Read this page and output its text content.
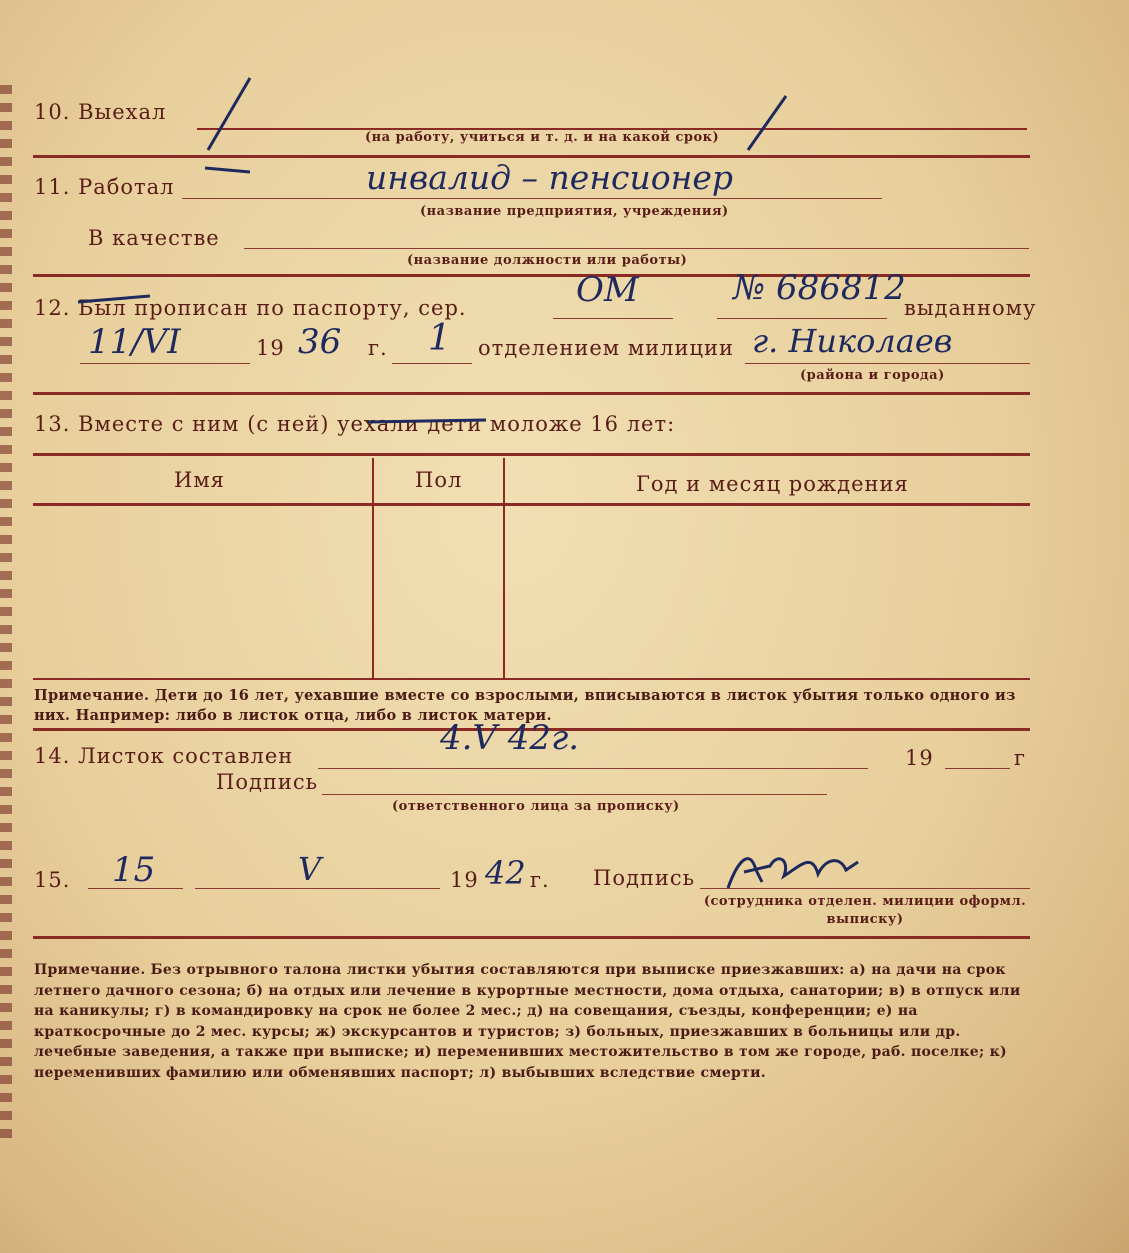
10. Выехал
(на работу, учиться и т. д. и на какой срок)
11. Работал	инвалид – пенсионер
(название предприятия, учреждения)
В качестве
(название должности или работы)
12. Был прописан по паспорту, сер.	выданному
ОМ	№ 686812
11/VI	19 36 г. 1 отделением милиции г. Николаев
(района и города)
13. Вместе с ним (с ней) уехали дети моложе 16 лет:
Имя	Пол	Год и месяц рождения
Примечание. Дети до 16 лет, уехавшие вместе со взрослыми, вписываются в листок убытия только одного из них. Например: либо в листок отца, либо в листок матери.
14. Листок составлен	4.V 42г.	19	г
Подпись
(ответственного лица за прописку)
15. 15	V	19 42 г. Подпись
(сотрудника отделен. милиции оформл. выписку)
Примечание. Без отрывного талона листки убытия составляются при выписке приезжавших: а) на дачи на срок летнего дачного сезона; б) на отдых или лечение в курортные местности, дома отдыха, санатории; в) в отпуск или на каникулы; г) в командировку на срок не более 2 мес.; д) на совещания, съезды, конференции; е) на краткосрочные до 2 мес. курсы; ж) экскурсантов и туристов; з) больных, приезжавших в больницы или др. лечебные заведения, а также при выписке; и) переменивших местожительство в том же городе, раб. поселке; к) переменивших фамилию или обменявших паспорт; л) выбывших вследствие смерти.
